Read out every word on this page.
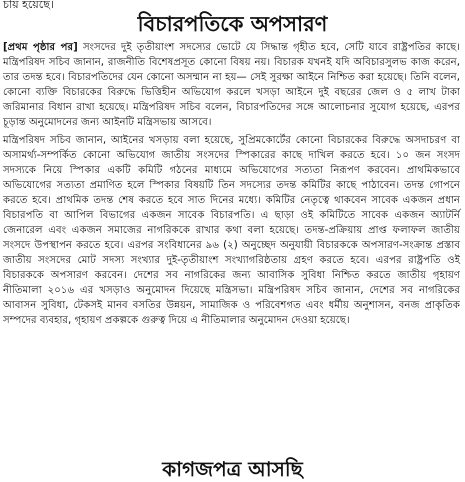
চায় হয়েছে।
বিচারপতিকে অপসারণ

[প্রথম পৃষ্ঠার পর] সংসদের দুই তৃতীয়াংশ সদস্যের ভোটে যে সিদ্ধান্ত গৃহীত হবে, সেটি যাবে রাষ্ট্রপতির কাছে। মন্ত্রিপরিষদ সচিব জানান, রাজনীতি বিশেষপ্রসূত কোনো বিষয় নয়। বিচারক যখনই যদি অবিচারসুলভ কাজ করেন, তার তদন্ত হবে। বিচারপতিদের যেন কোনো অসম্মান না হয়— সেই সুরক্ষা আইনে নিশ্চিত করা হয়েছে। তিনি বলেন, কোনো ব্যক্তি বিচারকের বিরুদ্ধে ভিত্তিহীন অভিযোগ করলে খসড়া আইনে দুই বছরের জেল ও ৫ লাখ টাকা জরিমানার বিধান রাখা হয়েছে। মন্ত্রিপরিষদ সচিব বলেন, বিচারপতিদের সঙ্গে আলোচনার সুযোগ হয়েছে, এরপর চূড়ান্ত অনুমোদনের জন্য আইনটি মন্ত্রিসভায় আসবে।

মন্ত্রিপরিষদ সচিব জানান, আইনের খসড়ায় বলা হয়েছে, সুপ্রিমকোর্টের কোনো বিচারকের বিরুদ্ধে অসদাচরণ বা অসামর্থ্য-সম্পর্কিত কোনো অভিযোগ জাতীয় সংসদের স্পিকারের কাছে দাখিল করতে হবে। ১০ জন সংসদ সদস্যকে নিয়ে স্পিকার একটি কমিটি গঠনের মাধ্যমে অভিযোগের সত্যতা নিরূপণ করবেন। প্রাথমিকভাবে অভিযোগের সত্যতা প্রমাণিত হলে স্পিকার বিষয়টি তিন সদস্যের তদন্ত কমিটির কাছে পাঠাবেন। তদন্ত গোপনে করতে হবে। প্রাথমিক তদন্ত শেষ করতে হবে সাত দিনের মধ্যে। কমিটির নেতৃত্বে থাকবেন সাবেক একজন প্রধান বিচারপতি বা আপিল বিভাগের একজন সাবেক বিচারপতি। এ ছাড়া ওই কমিটিতে সাবেক একজন অ্যাটর্নি জেনারেল এবং একজন সমাজের নাগরিককে রাখার কথা বলা হয়েছে। তদন্ত-প্রক্রিয়ায় প্রাপ্ত ফলাফল জাতীয় সংসদে উপস্থাপন করতে হবে। এরপর সংবিধানের ৯৬ (২) অনুচ্ছেদ অনুযায়ী বিচারককে অপসারণ-সংক্রান্ত প্রস্তাব জাতীয় সংসদের মোট সদস্য সংখ্যার দুই-তৃতীয়াংশ সংখ্যাগরিষ্ঠতায় গ্রহণ করতে হবে। এরপর রাষ্ট্রপতি ওই বিচারককে অপসারণ করবেন। দেশের সব নাগরিকের জন্য আবাসিক সুবিধা নিশ্চিত করতে জাতীয় গৃহায়ণ নীতিমালা ২০১৬ এর খসড়াও অনুমোদন দিয়েছে মন্ত্রিসভা। মন্ত্রিপরিষদ সচিব জানান, দেশের সব নাগরিকের আবাসন সুবিধা, টেকসই মানব বসতির উন্নয়ন, সামাজিক ও পরিবেশগত এবং ধর্মীয় অনুশাসন, বনজ প্রাকৃতিক সম্পদের ব্যবহার, গৃহায়ণ প্রকল্পকে গুরুত্ব দিয়ে এ নীতিমালার অনুমোদন দেওয়া হয়েছে।

কাগজপত্র আসছি
